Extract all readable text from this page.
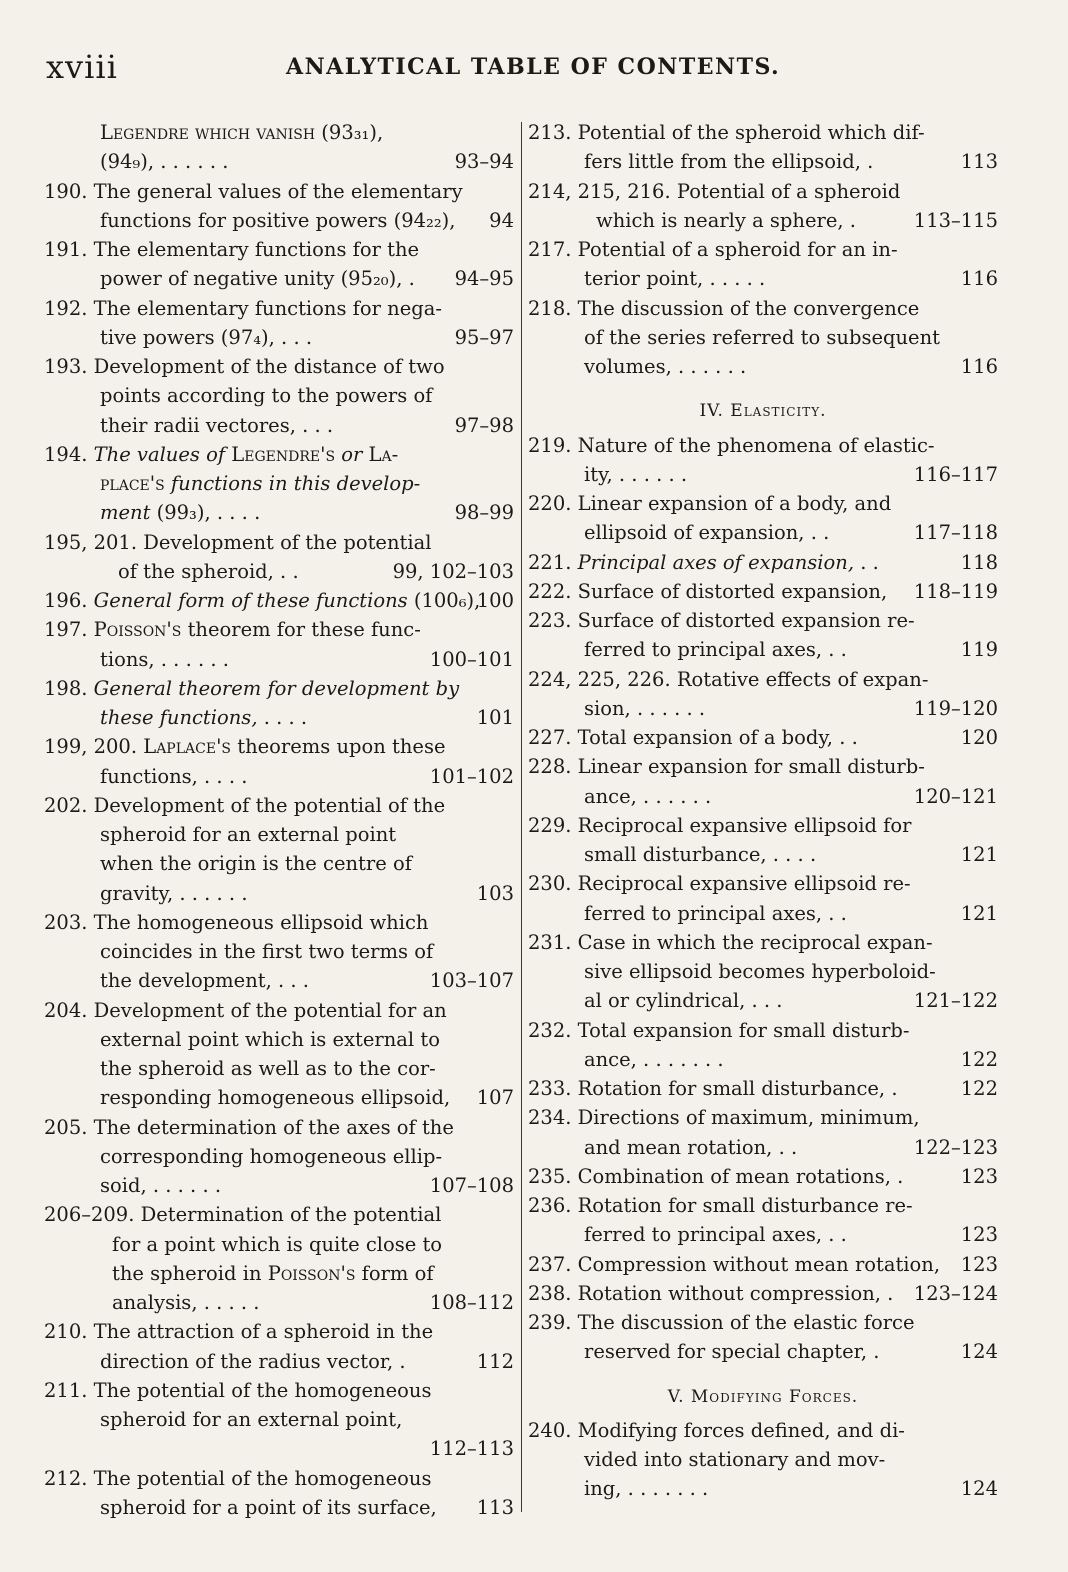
xviii	ANALYTICAL TABLE OF CONTENTS.
Legendre which vanish (93₃₁),
(94₉), . . . . . .	93–94
190. The general values of the elementary
functions for positive powers (94₂₂), 94
191. The elementary functions for the
power of negative unity (95₂₀), . 94–95
192. The elementary functions for nega-
tive powers (97₄), . . .	95–97
193. Development of the distance of two
points according to the powers of
their radii vectores, . . .	97–98
194. The values of Legendre's or La-
place's functions in this develop-
ment (99₃), . . . .	98–99
195, 201. Development of the potential
of the spheroid, . .	99, 102–103
196. General form of these functions (100₆),
100
197. Poisson's theorem for these func-
tions, . . . . . .	100–101
198. General theorem for development by
these functions, . . . .	101
199, 200. Laplace's theorems upon these
functions, . . . .	101–102
202. Development of the potential of the
spheroid for an external point
when the origin is the centre of
gravity, . . . . . .	103
203. The homogeneous ellipsoid which
coincides in the first two terms of
the development, . . .	103–107
204. Development of the potential for an
external point which is external to
the spheroid as well as to the cor-
responding homogeneous ellipsoid, 107
205. The determination of the axes of the
corresponding homogeneous ellip-
soid, . . . . . .	107–108
206–209. Determination of the potential
for a point which is quite close to
the spheroid in Poisson's form of
analysis, . . . . .	108–112
210. The attraction of a spheroid in the
direction of the radius vector, .	112
211. The potential of the homogeneous
spheroid for an external point,
112–113
212. The potential of the homogeneous
spheroid for a point of its surface, 113
213. Potential of the spheroid which dif-
fers little from the ellipsoid, .	113
214, 215, 216. Potential of a spheroid
which is nearly a sphere, .	113–115
217. Potential of a spheroid for an in-
terior point, . . . . .	116
218. The discussion of the convergence
of the series referred to subsequent
volumes, . . . . . .	116
IV. Elasticity.
219. Nature of the phenomena of elastic-
ity, . . . . . .	116–117
220. Linear expansion of a body, and
ellipsoid of expansion, . .	117–118
221. Principal axes of expansion, . .	118
222. Surface of distorted expansion, 118–119
223. Surface of distorted expansion re-
ferred to principal axes, . .	119
224, 225, 226. Rotative effects of expan-
sion, . . . . . .	119–120
227. Total expansion of a body, . .	120
228. Linear expansion for small disturb-
ance, . . . . . .	120–121
229. Reciprocal expansive ellipsoid for
small disturbance, . . . .	121
230. Reciprocal expansive ellipsoid re-
ferred to principal axes, . .	121
231. Case in which the reciprocal expan-
sive ellipsoid becomes hyperboloid-
al or cylindrical, . . .	121–122
232. Total expansion for small disturb-
ance, . . . . . . .	122
233. Rotation for small disturbance, .	122
234. Directions of maximum, minimum,
and mean rotation, . .	122–123
235. Combination of mean rotations, .	123
236. Rotation for small disturbance re-
ferred to principal axes, . .	123
237. Compression without mean rotation, 123
238. Rotation without compression, . 123–124
239. The discussion of the elastic force
reserved for special chapter, .	124
V. Modifying Forces.
240. Modifying forces defined, and di-
vided into stationary and mov-
ing, . . . . . . .	124
